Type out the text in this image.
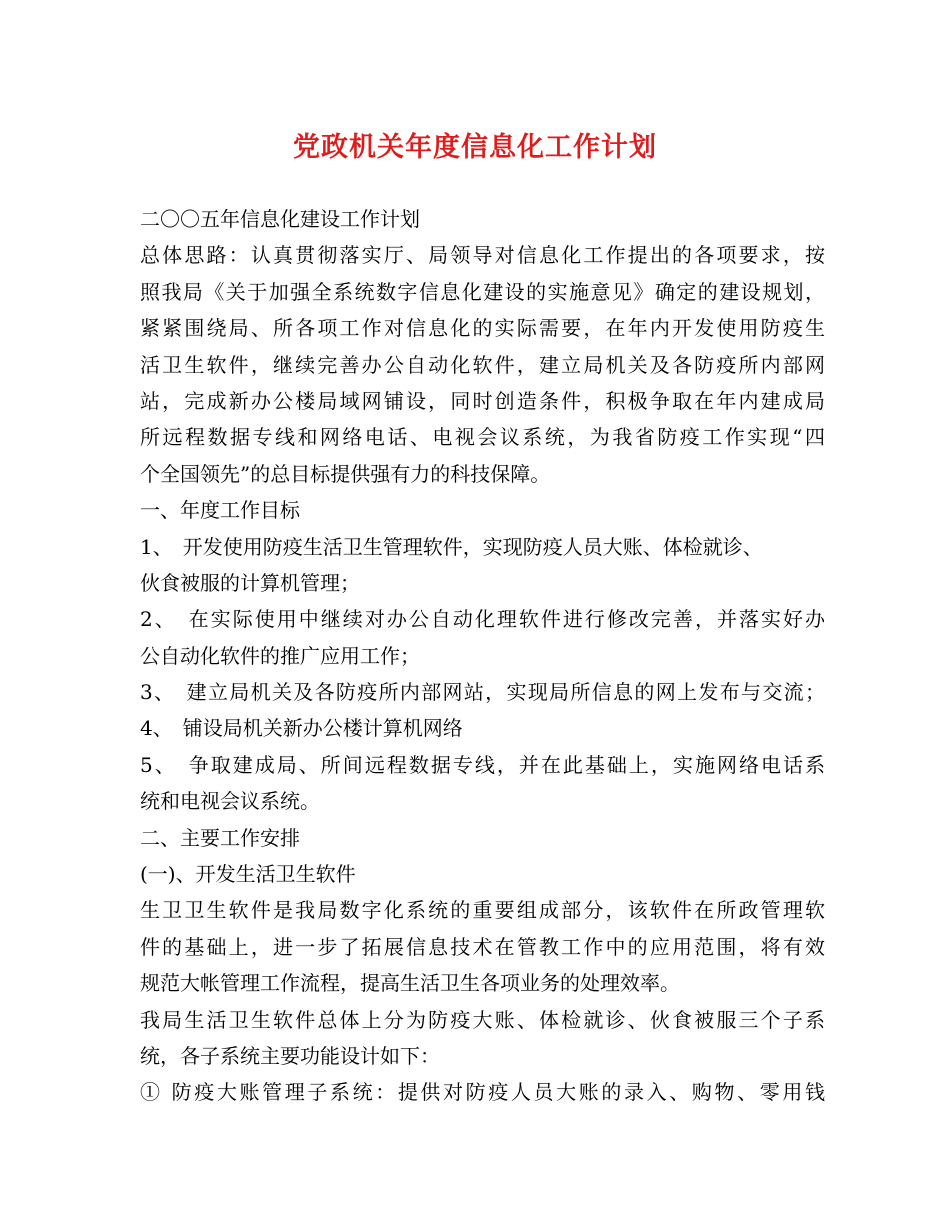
党政机关年度信息化工作计划
二〇〇五年信息化建设工作计划
总体思路：认真贯彻落实厅、局领导对信息化工作提出的各项要求，按
照我局《关于加强全系统数字信息化建设的实施意见》确定的建设规划，
紧紧围绕局、所各项工作对信息化的实际需要，在年内开发使用防疫生
活卫生软件，继续完善办公自动化软件，建立局机关及各防疫所内部网
站，完成新办公楼局域网铺设，同时创造条件，积极争取在年内建成局
所远程数据专线和网络电话、电视会议系统，为我省防疫工作实现“四
个全国领先”的总目标提供强有力的科技保障。
一、年度工作目标
1、　开发使用防疫生活卫生管理软件，实现防疫人员大账、体检就诊、
伙食被服的计算机管理；
2、　在实际使用中继续对办公自动化理软件进行修改完善，并落实好办
公自动化软件的推广应用工作；
3、　建立局机关及各防疫所内部网站，实现局所信息的网上发布与交流；
4、　铺设局机关新办公楼计算机网络
5、　争取建成局、所间远程数据专线，并在此基础上，实施网络电话系
统和电视会议系统。
二、主要工作安排
(一)、开发生活卫生软件
生卫卫生软件是我局数字化系统的重要组成部分，该软件在所政管理软
件的基础上，进一步了拓展信息技术在管教工作中的应用范围，将有效
规范大帐管理工作流程，提高生活卫生各项业务的处理效率。
我局生活卫生软件总体上分为防疫大账、体检就诊、伙食被服三个子系
统，各子系统主要功能设计如下：
① 防疫大账管理子系统：提供对防疫人员大账的录入、购物、零用钱
